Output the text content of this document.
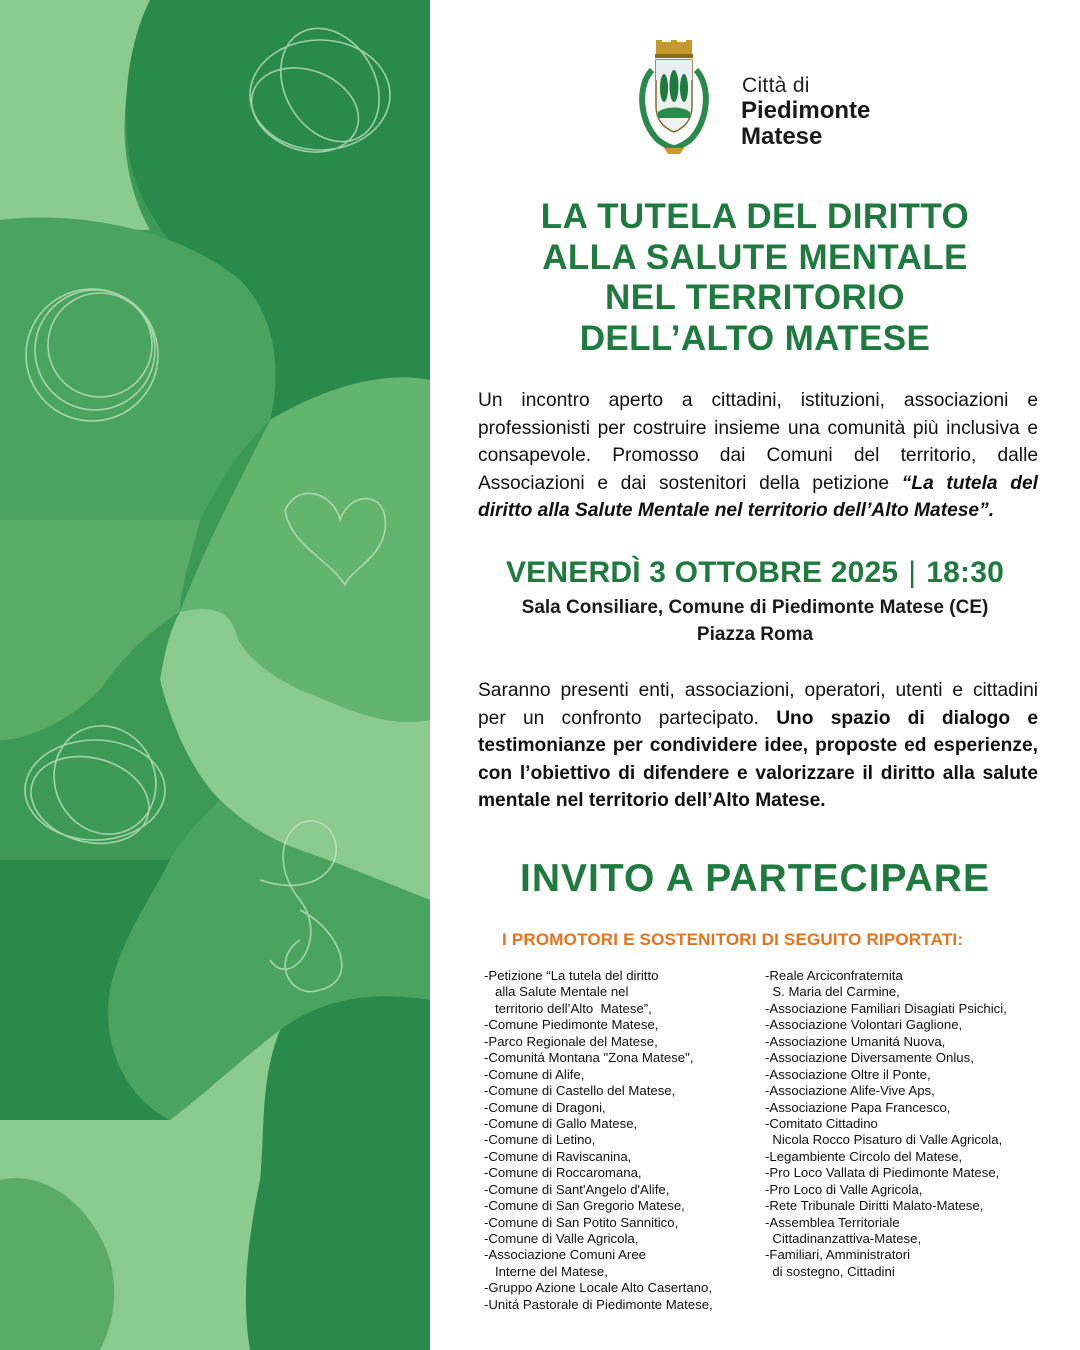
Città di
Piedimonte
Matese
LA TUTELA DEL DIRITTO
ALLA SALUTE MENTALE
NEL TERRITORIO
DELL’ALTO MATESE
Un incontro aperto a cittadini, istituzioni, associazioni e professionisti per costruire insieme una comunità più inclusiva e consapevole. Promosso dai Comuni del territorio, dalle Associazioni e dai sostenitori della petizione “La tutela del diritto alla Salute Mentale nel territorio dell’Alto Matese”.
VENERDÌ 3 OTTOBRE 2025 | 18:30
Sala Consiliare, Comune di Piedimonte Matese (CE)
Piazza Roma
Saranno presenti enti, associazioni, operatori, utenti e cittadini per un confronto partecipato. Uno spazio di dialogo e testimonianze per condividere idee, proposte ed esperienze, con l’obiettivo di difendere e valorizzare il diritto alla salute mentale nel territorio dell’Alto Matese.
INVITO A PARTECIPARE
I PROMOTORI E SOSTENITORI DI SEGUITO RIPORTATI:
-Petizione “La tutela del diritto
alla Salute Mentale nel
territorio dell’Alto  Matese”,
-Comune Piedimonte Matese,
-Parco Regionale del Matese,
-Comunitá Montana "Zona Matese",
-Comune di Alife,
-Comune di Castello del Matese,
-Comune di Dragoni,
-Comune di Gallo Matese,
-Comune di Letino,
-Comune di Raviscanina,
-Comune di Roccaromana,
-Comune di Sant'Angelo d'Alife,
-Comune di San Gregorio Matese,
-Comune di San Potito Sannitico,
-Comune di Valle Agricola,
-Associazione Comuni Aree
Interne del Matese,
-Gruppo Azione Locale Alto Casertano,
-Unitá Pastorale di Piedimonte Matese,
-Reale Arciconfraternita
S. Maria del Carmine,
-Associazione Familiari Disagiati Psichici,
-Associazione Volontari Gaglione,
-Associazione Umanitá Nuova,
-Associazione Diversamente Onlus,
-Associazione Oltre il Ponte,
-Associazione Alife-Vive Aps,
-Associazione Papa Francesco,
-Comitato Cittadino
Nicola Rocco Pisaturo di Valle Agricola,
-Legambiente Circolo del Matese,
-Pro Loco Vallata di Piedimonte Matese,
-Pro Loco di Valle Agricola,
-Rete Tribunale Diritti Malato-Matese,
-Assemblea Territoriale
Cittadinanzattiva-Matese,
-Familiari, Amministratori
di sostegno, Cittadini
